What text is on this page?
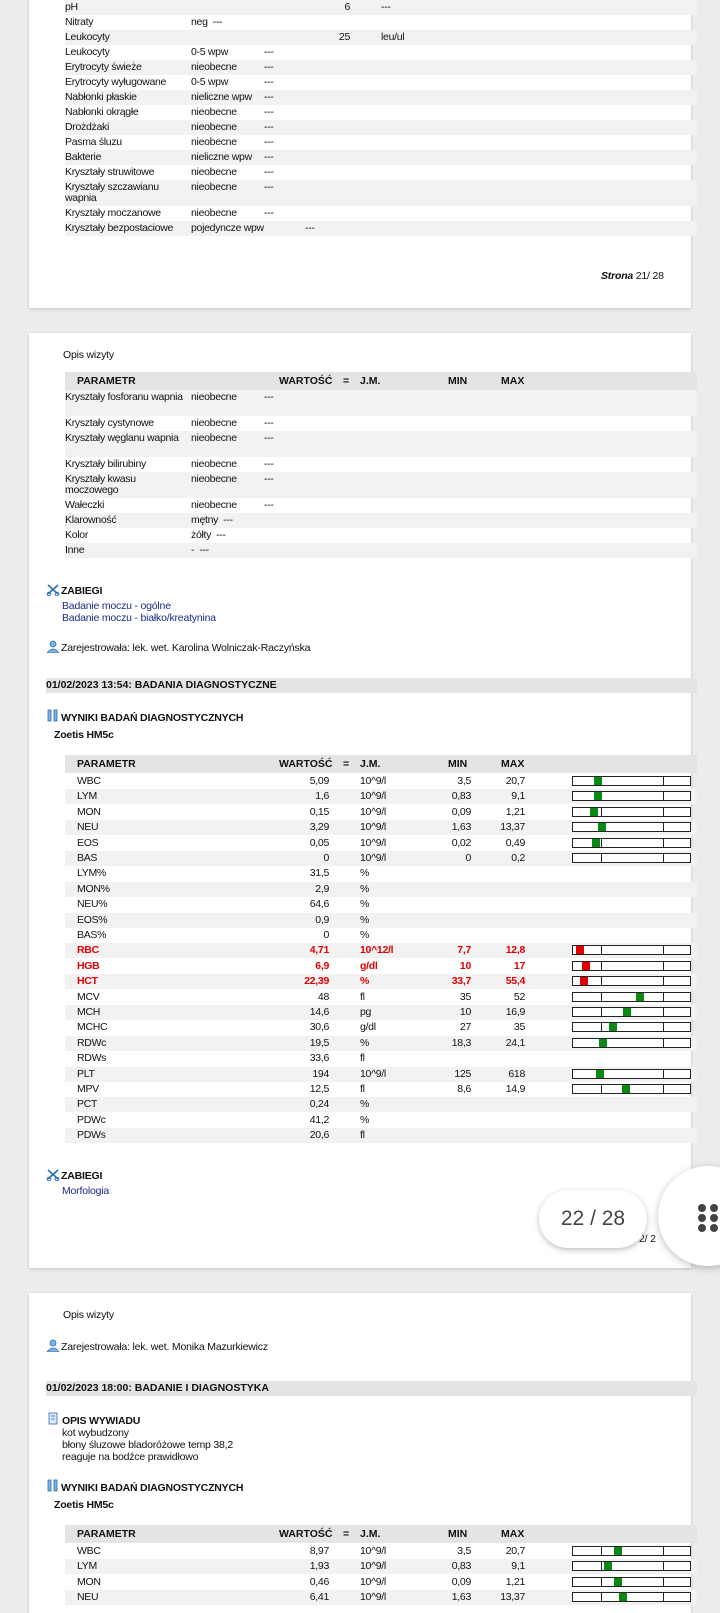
pH	6	---
Nitraty	neg ---
Leukocyty	25	leu/ul
Leukocyty	0-5 wpw	---
Erytrocyty świeże	nieobecne	---
Erytrocyty wyługowane 0-5 wpw	---
Nabłonki płaskie	nieliczne wpw ---
Nabłonki okrągłe	nieobecne	---
Drożdżaki	nieobecne	---
Pasma śluzu	nieobecne	---
Bakterie	nieliczne wpw ---
Kryształy struwitowe	nieobecne	---
Kryształy szczawianu wapnia
nieobecne	---
Kryształy moczanowe	nieobecne	---
Kryształy bezpostaciowe pojedyncze wpw	---
Strona 21/ 28
Opis wizyty
PARAMETR	WARTOŚĆ = J.M.	MIN	MAX
Kryształy fosforanu wapnia nieobecne	---
Kryształy cystynowe	nieobecne	---
Kryształy węglanu wapnia	nieobecne	---
Kryształy bilirubiny	nieobecne	---
Kryształy kwasu moczowego
nieobecne	---
Wałeczki	nieobecne	---
Klarowność	mętny ---
Kolor	żółty ---
Inne	- ---
ZABIEGI
Badanie moczu - ogólne
Badanie moczu - białko/kreatynina
Zarejestrowała: lek. wet. Karolina Wolniczak-Raczyńska
01/02/2023 13:54: BADANIA DIAGNOSTYCZNE
WYNIKI BADAŃ DIAGNOSTYCZNYCH
Zoetis HM5c
PARAMETR	WARTOŚĆ = J.M.	MIN	MAX
WBC	5,09	10^9/l	3,5	20,7
LYM	1,6	10^9/l	0,83	9,1
MON	0,15	10^9/l	0,09	1,21
NEU	3,29	10^9/l	1,63	13,37
EOS	0,05	10^9/l	0,02	0,49
BAS	0	10^9/l	0	0,2
LYM%	31,5	%
MON%	2,9	%
NEU%	64,6	%
EOS%	0,9	%
BAS%	0	%
RBC	4,71	10^12/l	7,7	12,8
HGB	6,9	g/dl	10	17
HCT	22,39	%	33,7	55,4
MCV	48	fl	35	52
MCH	14,6	pg	10	16,9
MCHC	30,6	g/dl	27	35
RDWc	19,5	%	18,3	24,1
RDWs	33,6	fl
PLT	194	10^9/l	125	618
MPV	12,5	fl	8,6	14,9
PCT	0,24	%
PDWc	41,2	%
PDWs	20,6	fl
ZABIEGI
Morfologia
2/ 2
Opis wizyty
Zarejestrowała: lek. wet. Monika Mazurkiewicz
01/02/2023 18:00: BADANIE I DIAGNOSTYKA
OPIS WYWIADU
kot wybudzony
błony śluzowe bladoróżowe temp 38,2
reaguje na bodźce prawidłowo
WYNIKI BADAŃ DIAGNOSTYCZNYCH
Zoetis HM5c
PARAMETR	WARTOŚĆ = J.M.	MIN	MAX
WBC	8,97	10^9/l	3,5	20,7
LYM	1,93	10^9/l	0,83	9,1
MON	0,46	10^9/l	0,09	1,21
NEU	6,41	10^9/l	1,63	13,37
22 / 28
